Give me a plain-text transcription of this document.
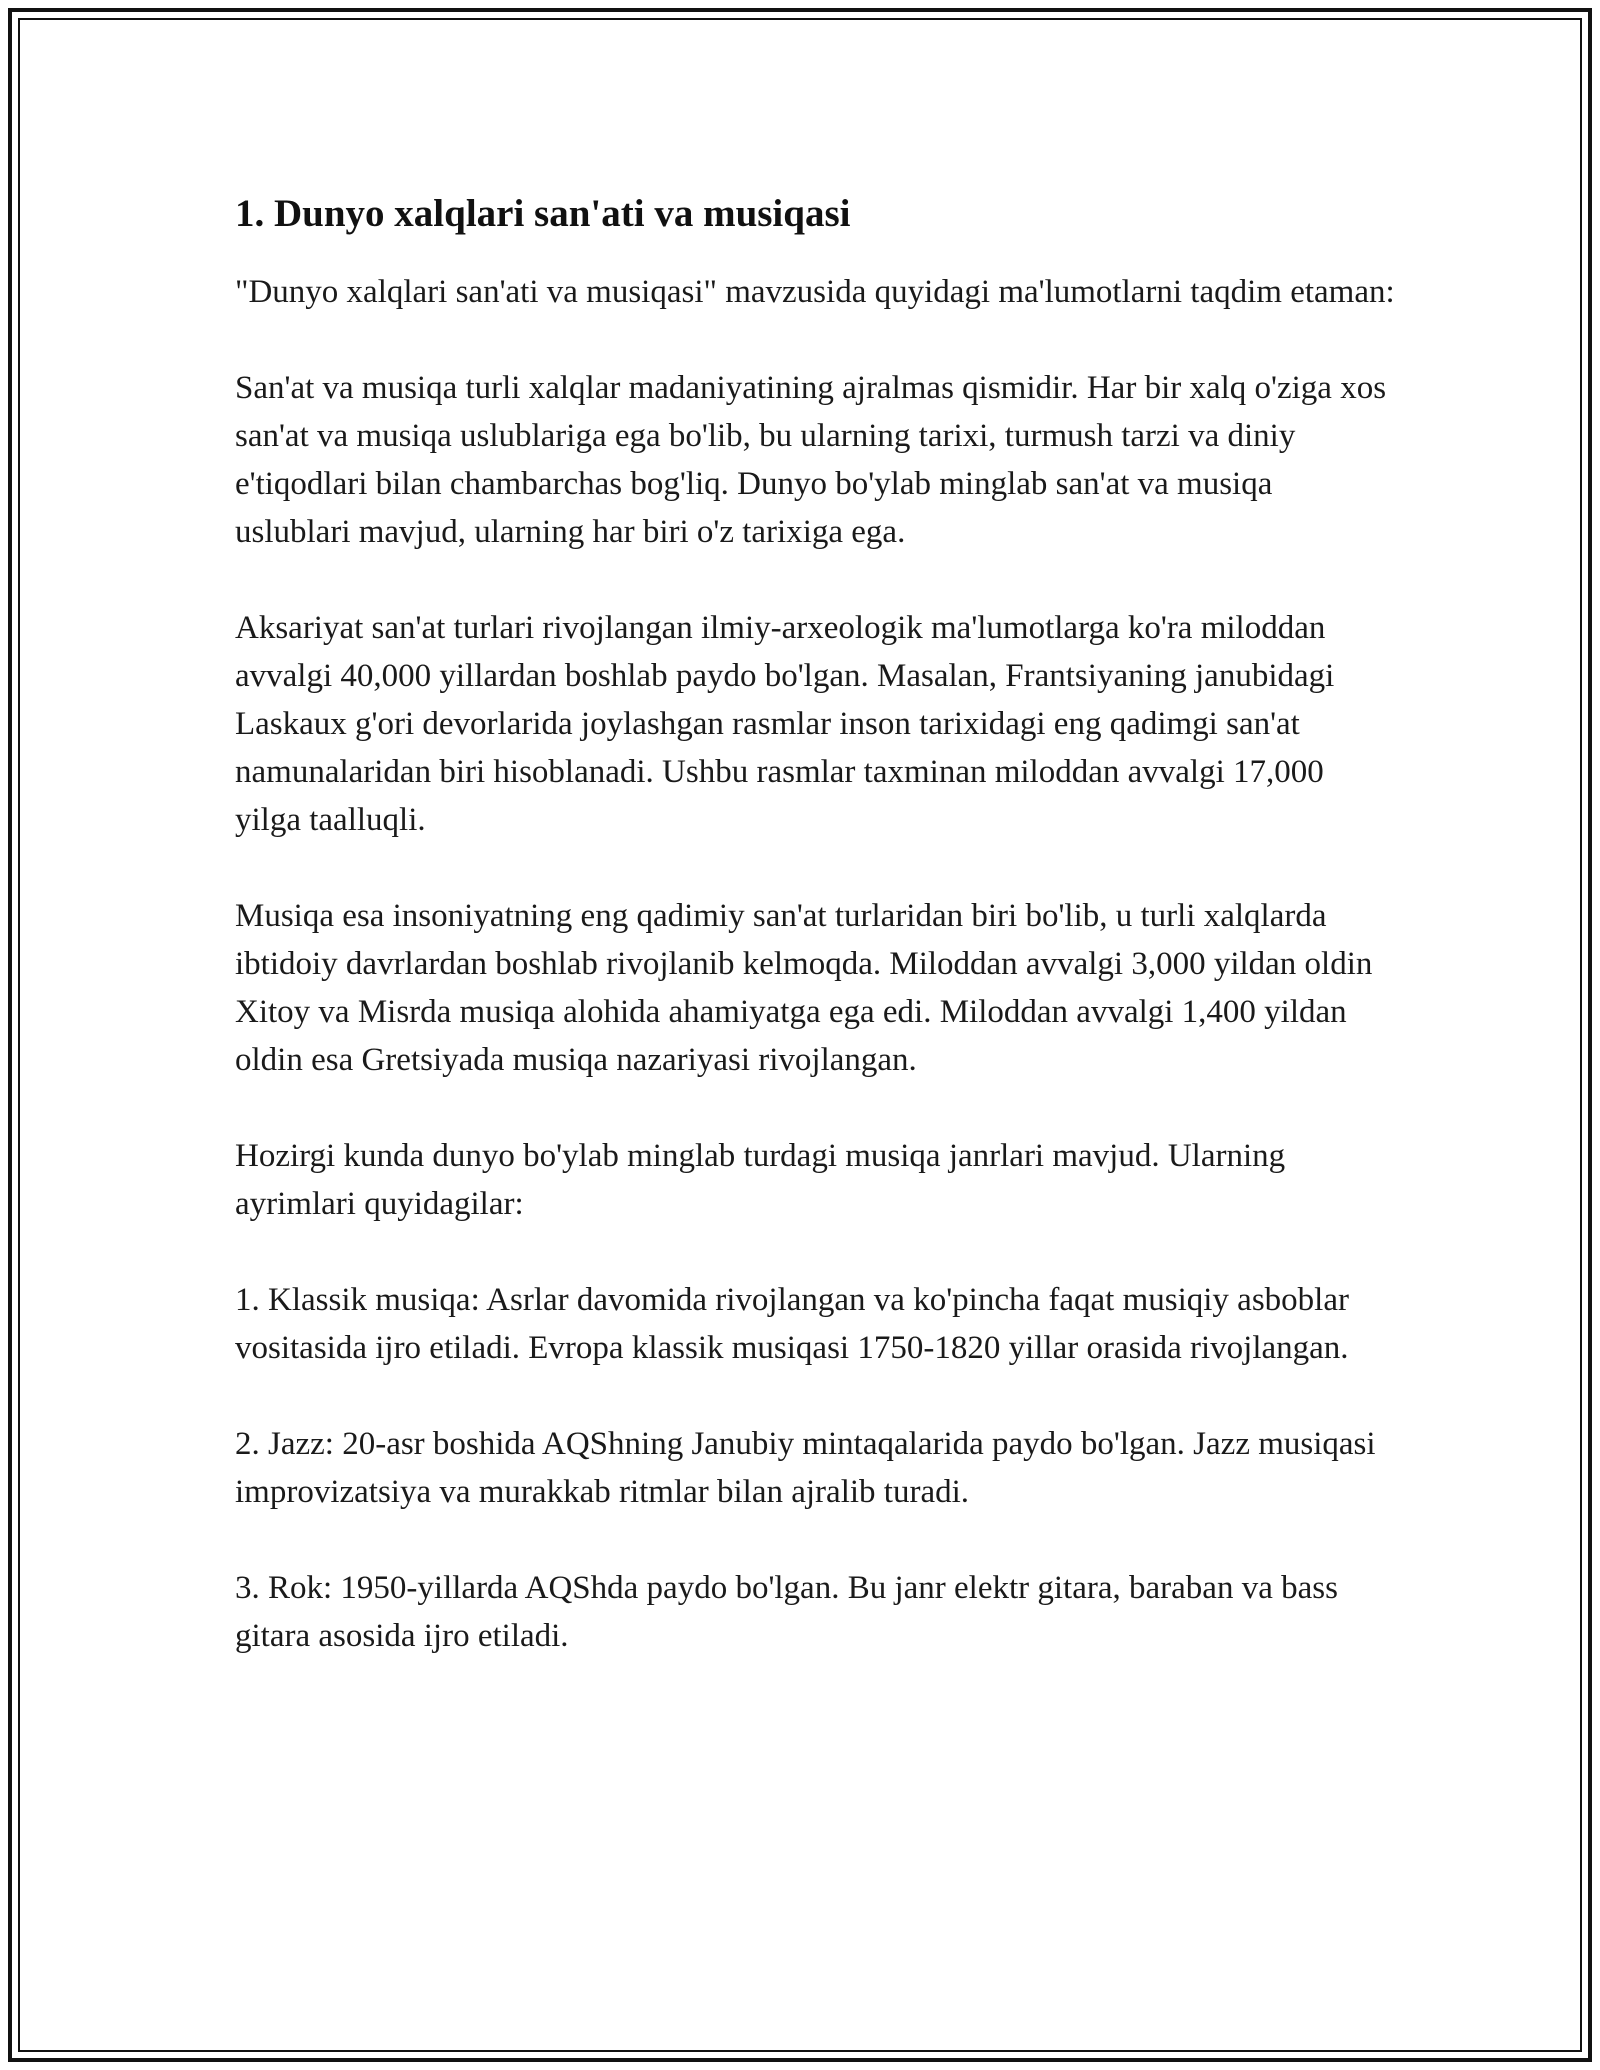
1. Dunyo xalqlari san'ati va musiqasi

"Dunyo xalqlari san'ati va musiqasi" mavzusida quyidagi ma'lumotlarni taqdim etaman:

San'at va musiqa turli xalqlar madaniyatining ajralmas qismidir. Har bir xalq o'ziga xos san'at va musiqa uslublariga ega bo'lib, bu ularning tarixi, turmush tarzi va diniy e'tiqodlari bilan chambarchas bog'liq. Dunyo bo'ylab minglab san'at va musiqa uslublari mavjud, ularning har biri o'z tarixiga ega.

Aksariyat san'at turlari rivojlangan ilmiy-arxeologik ma'lumotlarga ko'ra miloddan avvalgi 40,000 yillardan boshlab paydo bo'lgan. Masalan, Frantsiyaning janubidagi Laskaux g'ori devorlarida joylashgan rasmlar inson tarixidagi eng qadimgi san'at namunalaridan biri hisoblanadi. Ushbu rasmlar taxminan miloddan avvalgi 17,000 yilga taalluqli.

Musiqa esa insoniyatning eng qadimiy san'at turlaridan biri bo'lib, u turli xalqlarda ibtidoiy davrlardan boshlab rivojlanib kelmoqda. Miloddan avvalgi 3,000 yildan oldin Xitoy va Misrda musiqa alohida ahamiyatga ega edi. Miloddan avvalgi 1,400 yildan oldin esa Gretsiyada musiqa nazariyasi rivojlangan.

Hozirgi kunda dunyo bo'ylab minglab turdagi musiqa janrlari mavjud. Ularning ayrimlari quyidagilar:

1. Klassik musiqa: Asrlar davomida rivojlangan va ko'pincha faqat musiqiy asboblar vositasida ijro etiladi. Evropa klassik musiqasi 1750-1820 yillar orasida rivojlangan.

2. Jazz: 20-asr boshida AQShning Janubiy mintaqalarida paydo bo'lgan. Jazz musiqasi improvizatsiya va murakkab ritmlar bilan ajralib turadi.

3. Rok: 1950-yillarda AQShda paydo bo'lgan. Bu janr elektr gitara, baraban va bass gitara asosida ijro etiladi.
